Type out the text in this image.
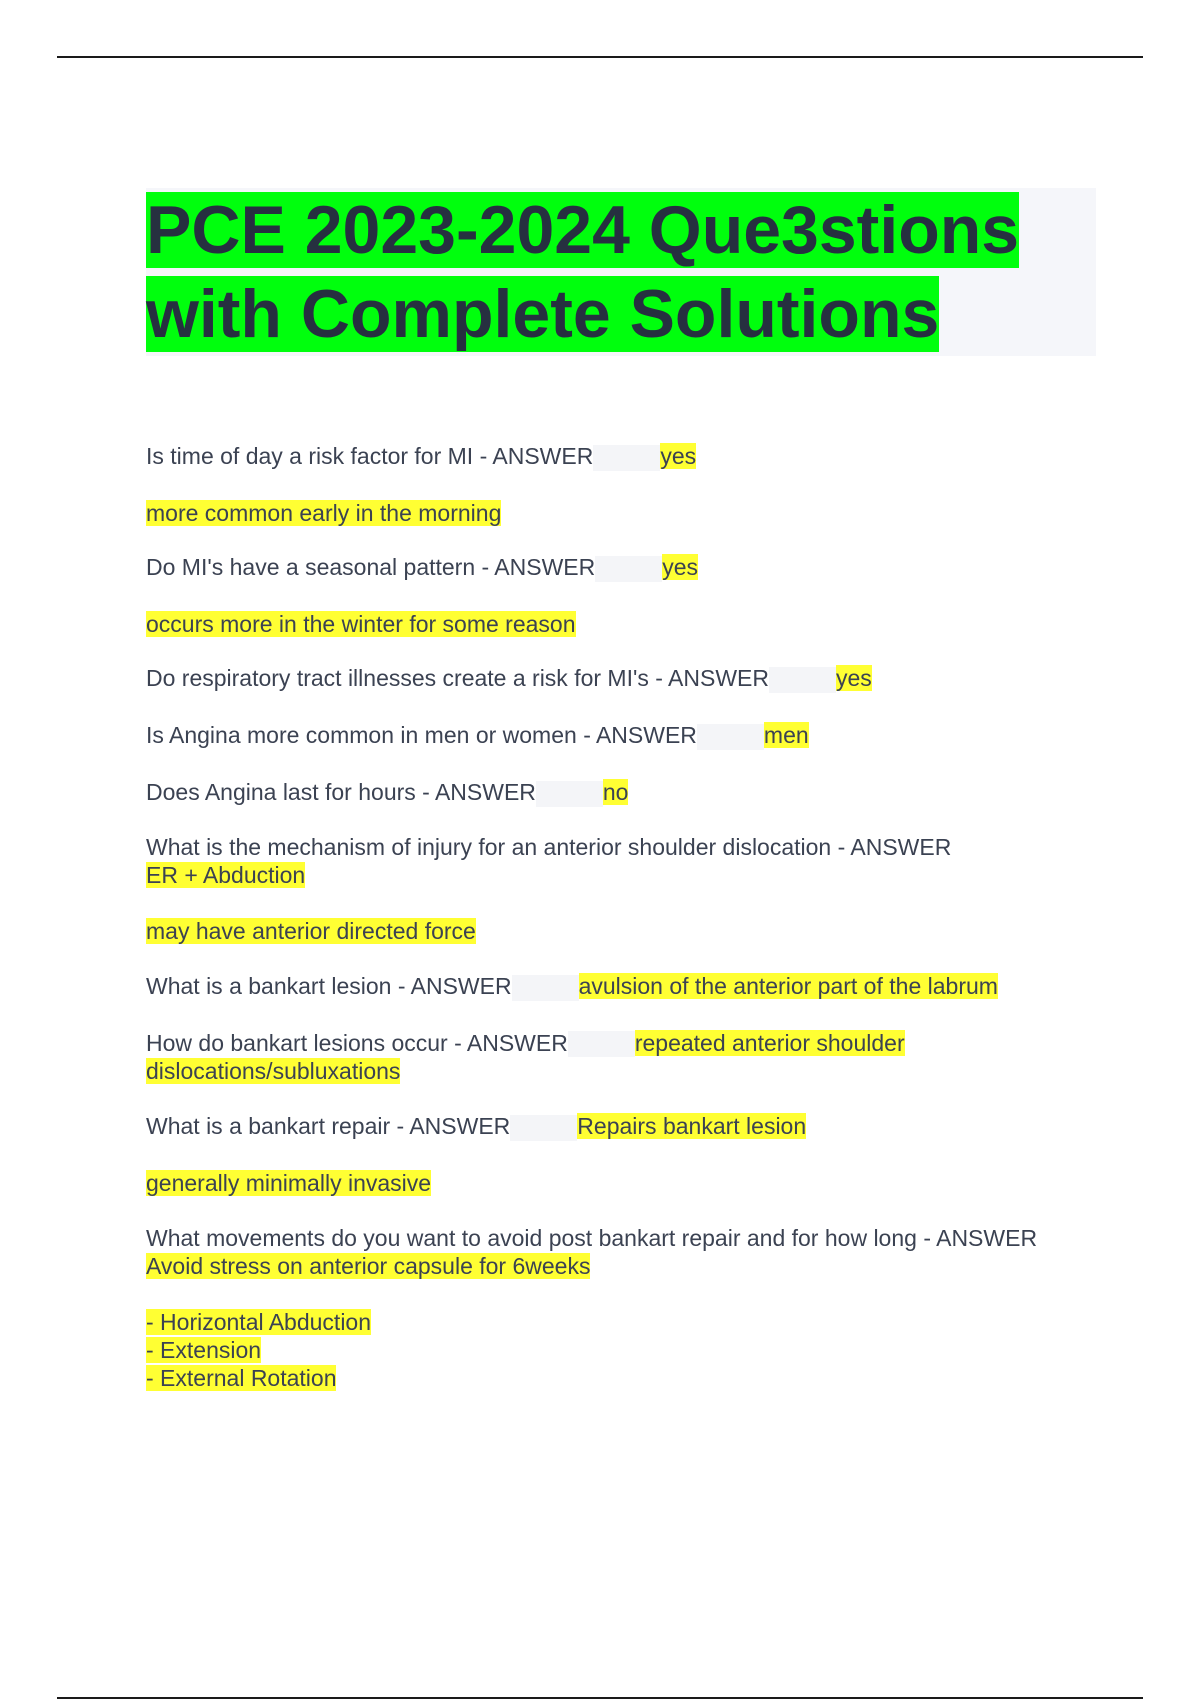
PCE 2023-2024 Que3stions
with Complete Solutions

Is time of day a risk factor for MI - ANSWER	yes

more common early in the morning

Do MI's have a seasonal pattern - ANSWER	yes

occurs more in the winter for some reason

Do respiratory tract illnesses create a risk for MI's - ANSWER	yes

Is Angina more common in men or women - ANSWER	men

Does Angina last for hours - ANSWER	no

What is the mechanism of injury for an anterior shoulder dislocation - ANSWER

ER + Abduction

may have anterior directed force

What is a bankart lesion - ANSWER	avulsion of the anterior part of the labrum

How do bankart lesions occur - ANSWER	repeated anterior shoulder

dislocations/subluxations

What is a bankart repair - ANSWER	Repairs bankart lesion

generally minimally invasive

What movements do you want to avoid post bankart repair and for how long - ANSWER

Avoid stress on anterior capsule for 6weeks

- Horizontal Abduction
- Extension
- External Rotation
